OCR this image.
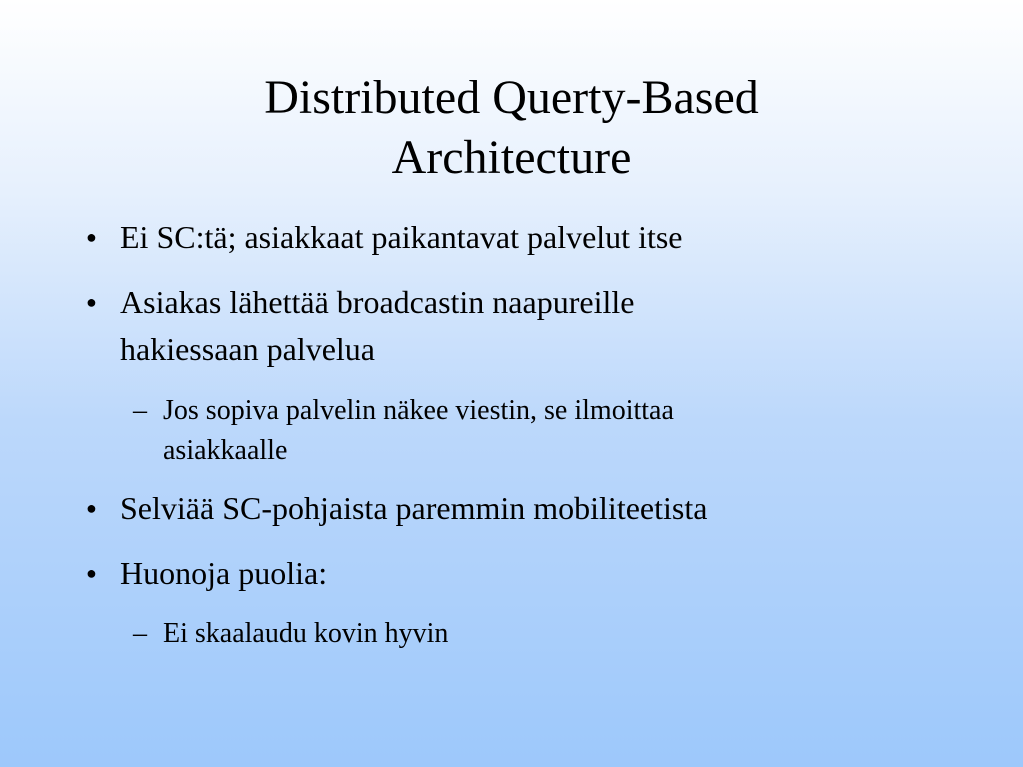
Distributed Querty-Based
Architecture
● Ei SC:tä; asiakkaat paikantavat palvelut itse
● Asiakas lähettää broadcastin naapureille
hakiessaan palvelua
– Jos sopiva palvelin näkee viestin, se ilmoittaa
asiakkaalle
● Selviää SC-pohjaista paremmin mobiliteetista
● Huonoja puolia:
– Ei skaalaudu kovin hyvin
